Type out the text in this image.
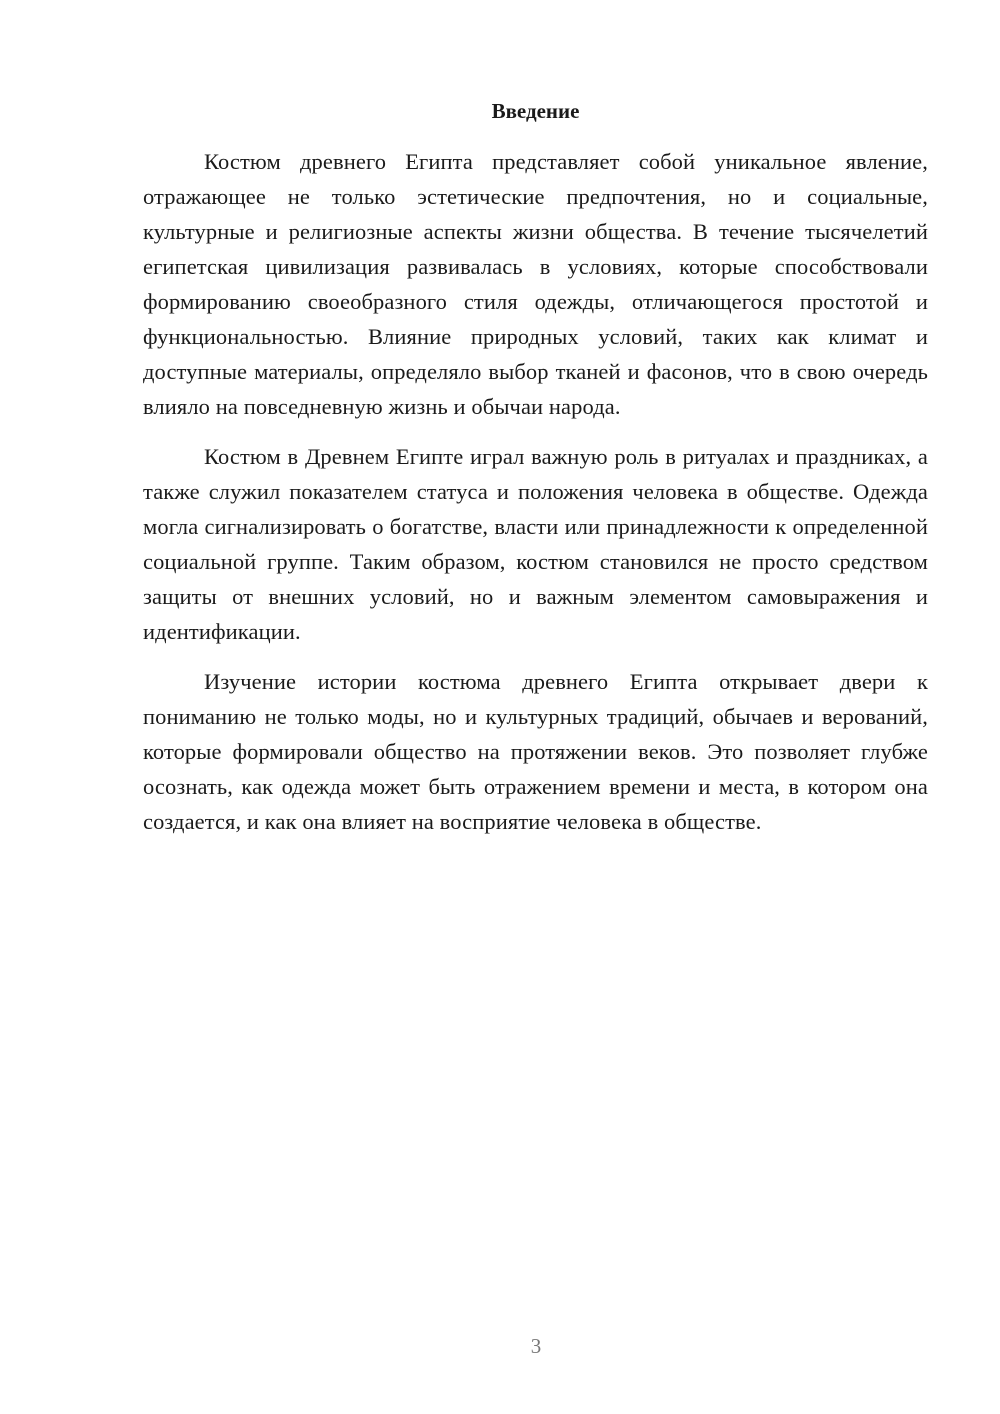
Введение

Костюм древнего Египта представляет собой уникальное явление, отражающее не только эстетические предпочтения, но и социальные, культурные и религиозные аспекты жизни общества. В течение тысячелетий египетская цивилизация развивалась в условиях, которые способствовали формированию своеобразного стиля одежды, отличающегося простотой и функциональностью. Влияние природных условий, таких как климат и доступные материалы, определяло выбор тканей и фасонов, что в свою очередь влияло на повседневную жизнь и обычаи народа.

Костюм в Древнем Египте играл важную роль в ритуалах и праздниках, а также служил показателем статуса и положения человека в обществе. Одежда могла сигнализировать о богатстве, власти или принадлежности к определенной социальной группе. Таким образом, костюм становился не просто средством защиты от внешних условий, но и важным элементом самовыражения и идентификации.

Изучение истории костюма древнего Египта открывает двери к пониманию не только моды, но и культурных традиций, обычаев и верований, которые формировали общество на протяжении веков. Это позволяет глубже осознать, как одежда может быть отражением времени и места, в котором она создается, и как она влияет на восприятие человека в обществе.

3
